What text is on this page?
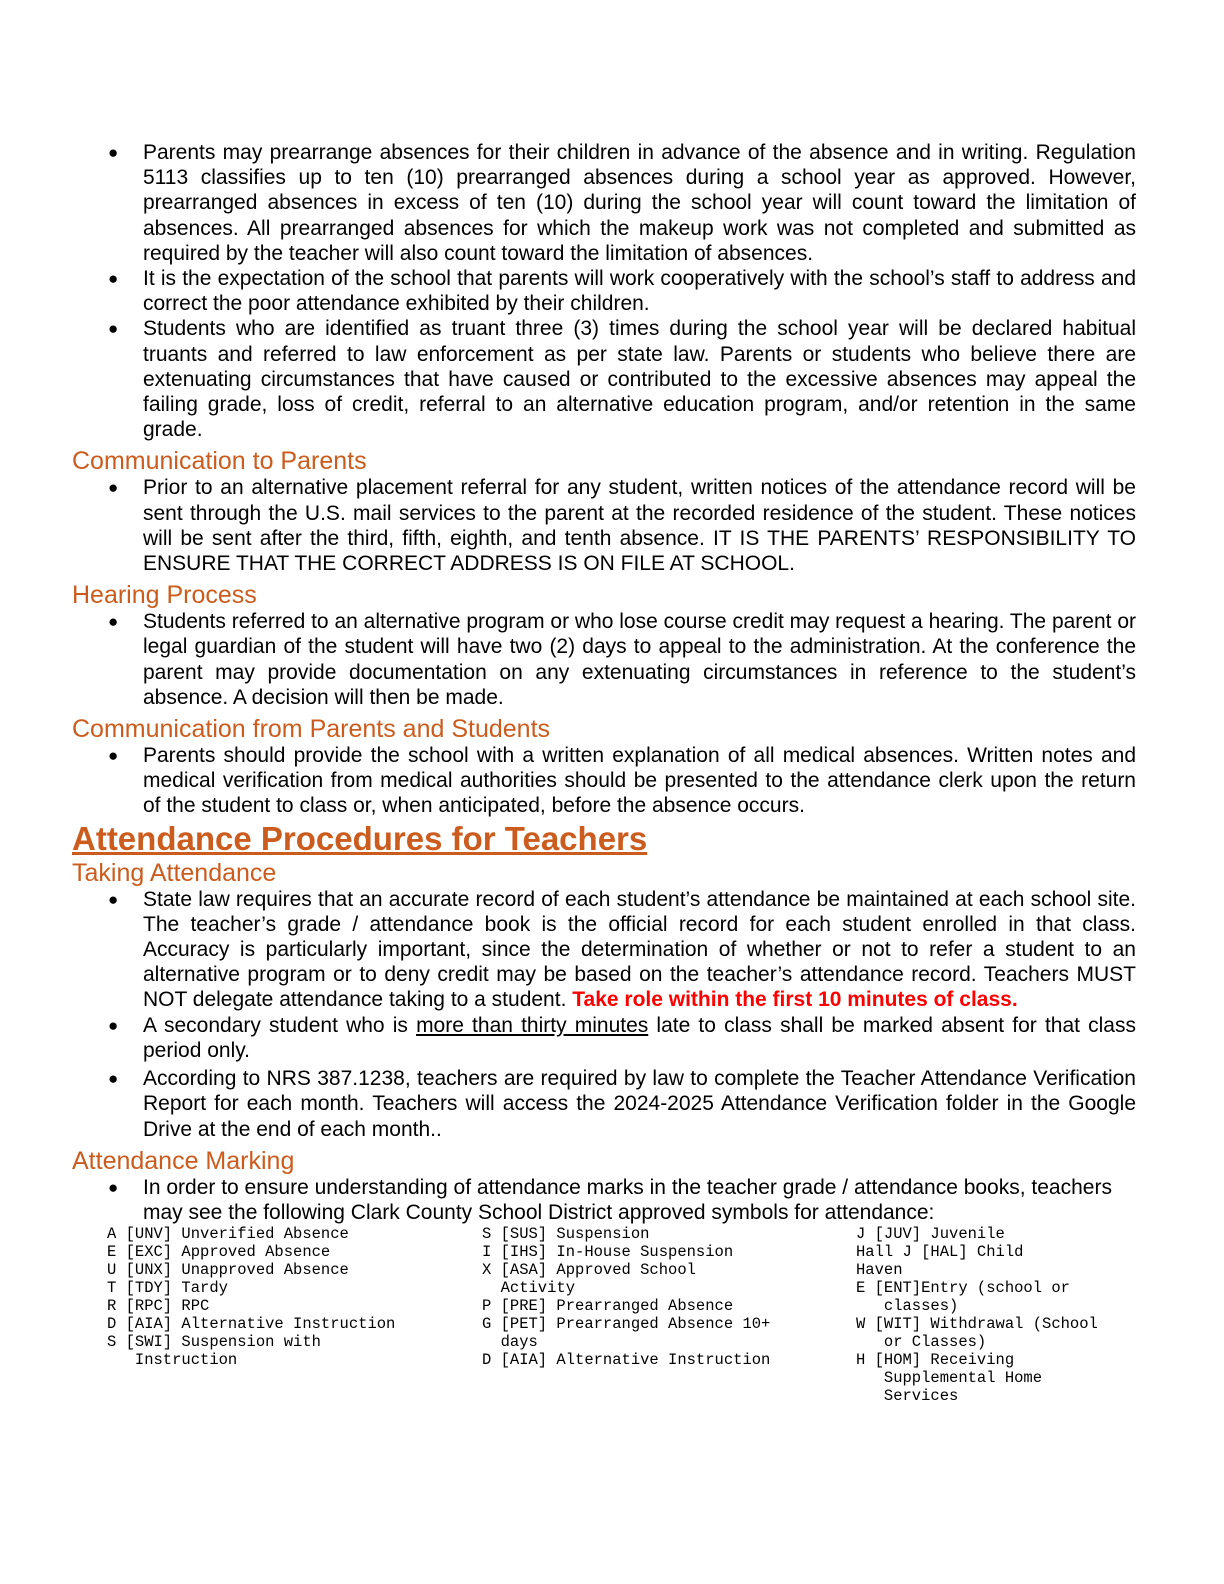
● Parents may prearrange absences for their children in advance of the absence and in writing. Regulation 5113 classifies up to ten (10) prearranged absences during a school year as approved. However, prearranged absences in excess of ten (10) during the school year will count toward the limitation of absences. All prearranged absences for which the makeup work was not completed and submitted as required by the teacher will also count toward the limitation of absences.
● It is the expectation of the school that parents will work cooperatively with the school’s staff to address and correct the poor attendance exhibited by their children.
● Students who are identified as truant three (3) times during the school year will be declared habitual truants and referred to law enforcement as per state law. Parents or students who believe there are extenuating circumstances that have caused or contributed to the excessive absences may appeal the failing grade, loss of credit, referral to an alternative education program, and/or retention in the same grade.
Communication to Parents
● Prior to an alternative placement referral for any student, written notices of the attendance record will be sent through the U.S. mail services to the parent at the recorded residence of the student. These notices will be sent after the third, fifth, eighth, and tenth absence. IT IS THE PARENTS’ RESPONSIBILITY TO ENSURE THAT THE CORRECT ADDRESS IS ON FILE AT SCHOOL.
Hearing Process
● Students referred to an alternative program or who lose course credit may request a hearing. The parent or legal guardian of the student will have two (2) days to appeal to the administration. At the conference the parent may provide documentation on any extenuating circumstances in reference to the student’s absence. A decision will then be made.
Communication from Parents and Students
● Parents should provide the school with a written explanation of all medical absences. Written notes and medical verification from medical authorities should be presented to the attendance clerk upon the return of the student to class or, when anticipated, before the absence occurs.
Attendance Procedures for Teachers
Taking Attendance
● State law requires that an accurate record of each student’s attendance be maintained at each school site. The teacher’s grade / attendance book is the official record for each student enrolled in that class. Accuracy is particularly important, since the determination of whether or not to refer a student to an alternative program or to deny credit may be based on the teacher’s attendance record. Teachers MUST NOT delegate attendance taking to a student. Take role within the first 10 minutes of class.
● A secondary student who is more than thirty minutes late to class shall be marked absent for that class period only.
● According to NRS 387.1238, teachers are required by law to complete the Teacher Attendance Verification Report for each month. Teachers will access the 2024-2025 Attendance Verification folder in the Google Drive at the end of each month..
Attendance Marking
● In order to ensure understanding of attendance marks in the teacher grade / attendance books, teachers may see the following Clark County School District approved symbols for attendance:
A [UNV] Unverified Absence
E [EXC] Approved Absence
U [UNX] Unapproved Absence
T [TDY] Tardy
R [RPC] RPC
D [AIA] Alternative Instruction
S [SWI] Suspension with
Instruction
S [SUS] Suspension
I [IHS] In-House Suspension
X [ASA] Approved School
Activity
P [PRE] Prearranged Absence
G [PET] Prearranged Absence 10+
days
D [AIA] Alternative Instruction
J [JUV] Juvenile
Hall J [HAL] Child
Haven
E [ENT]Entry (school or
classes)
W [WIT] Withdrawal (School
or Classes)
H [HOM] Receiving
Supplemental Home
Services
